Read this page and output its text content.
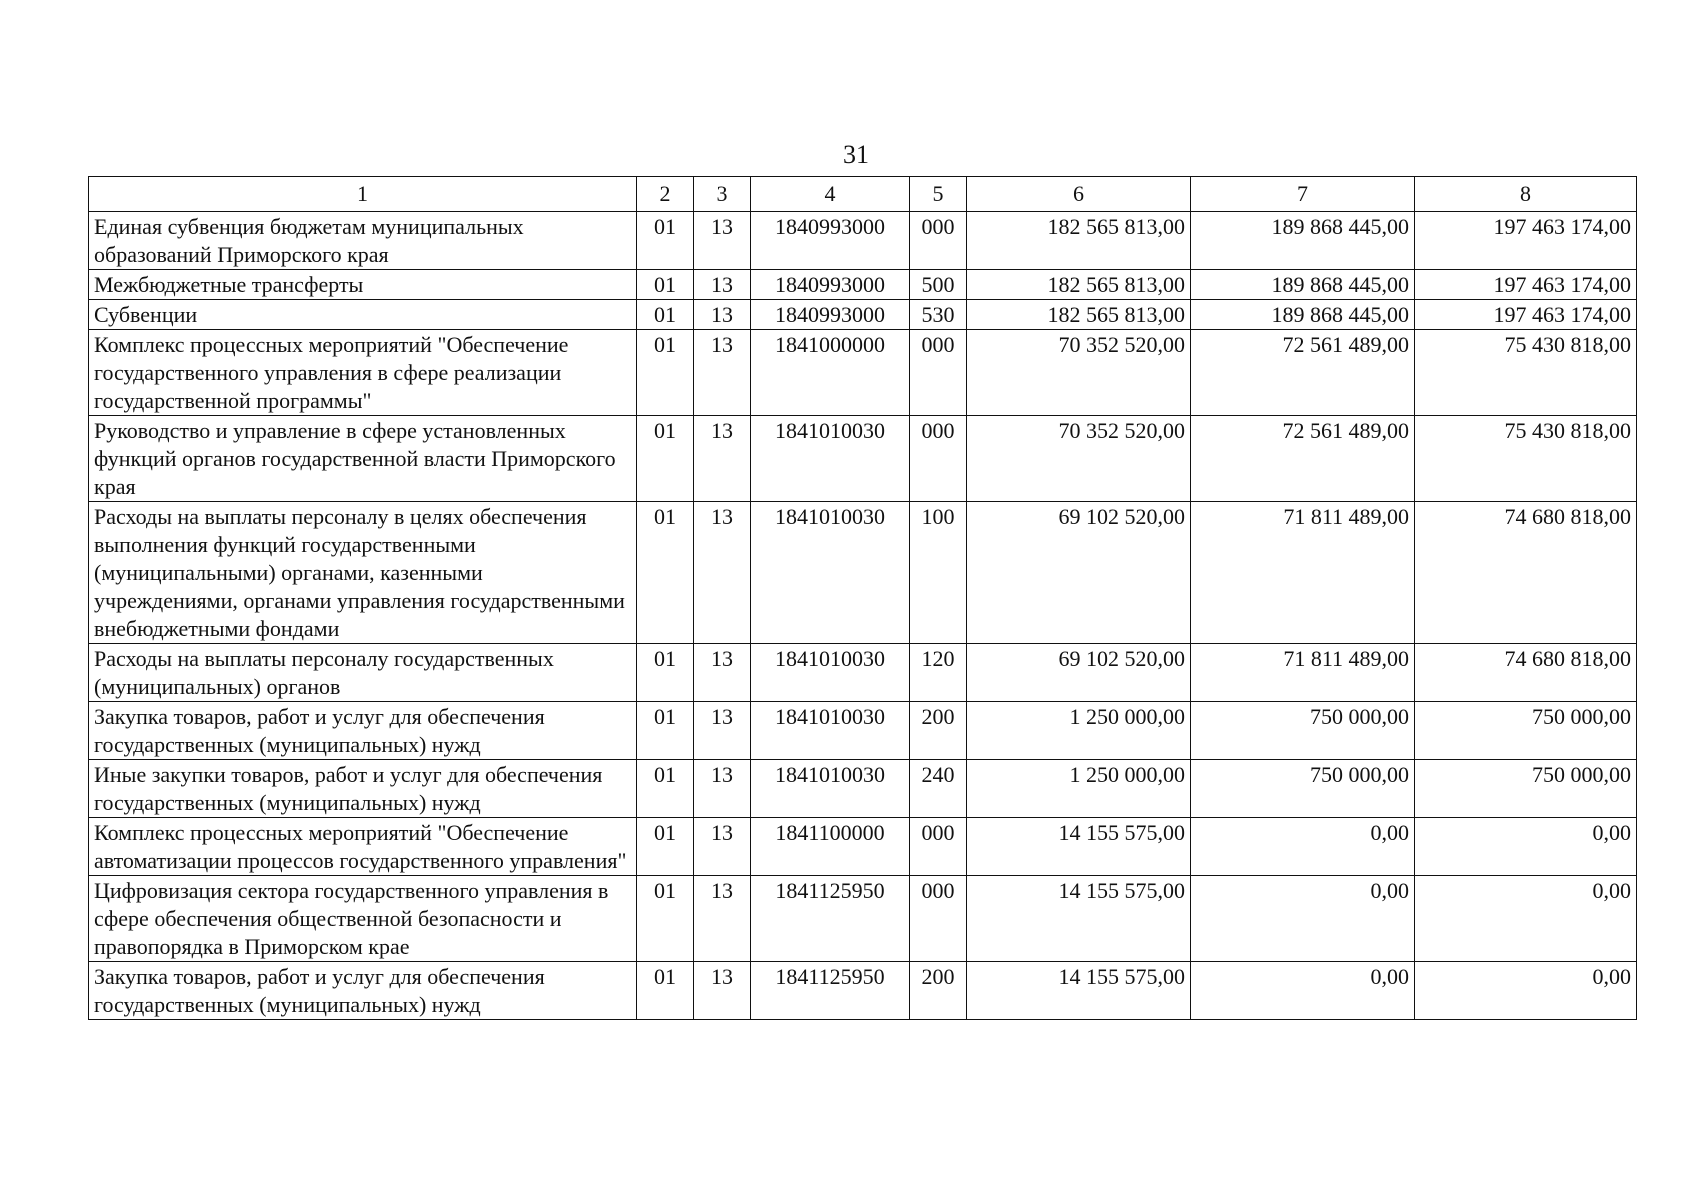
31
1	2	3	4	5	6	7	8
Единая субвенция бюджетам муниципальных образований Приморского края	01	13	1840993000	000	182 565 813,00	189 868 445,00	197 463 174,00
Межбюджетные трансферты	01	13	1840993000	500	182 565 813,00	189 868 445,00	197 463 174,00
Субвенции	01	13	1840993000	530	182 565 813,00	189 868 445,00	197 463 174,00
Комплекс процессных мероприятий "Обеспечение государственного управления в сфере реализации государственной программы"	01	13	1841000000	000	70 352 520,00	72 561 489,00	75 430 818,00
Руководство и управление в сфере установленных функций органов государственной власти Приморского края	01	13	1841010030	000	70 352 520,00	72 561 489,00	75 430 818,00
Расходы на выплаты персоналу в целях обеспечения выполнения функций государственными (муниципальными) органами, казенными учреждениями, органами управления государственными внебюджетными фондами	01	13	1841010030	100	69 102 520,00	71 811 489,00	74 680 818,00
Расходы на выплаты персоналу государственных (муниципальных) органов	01	13	1841010030	120	69 102 520,00	71 811 489,00	74 680 818,00
Закупка товаров, работ и услуг для обеспечения государственных (муниципальных) нужд	01	13	1841010030	200	1 250 000,00	750 000,00	750 000,00
Иные закупки товаров, работ и услуг для обеспечения государственных (муниципальных) нужд	01	13	1841010030	240	1 250 000,00	750 000,00	750 000,00
Комплекс процессных мероприятий "Обеспечение автоматизации процессов государственного управления"	01	13	1841100000	000	14 155 575,00	0,00	0,00
Цифровизация сектора государственного управления в сфере обеспечения общественной безопасности и правопорядка в Приморском крае	01	13	1841125950	000	14 155 575,00	0,00	0,00
Закупка товаров, работ и услуг для обеспечения государственных (муниципальных) нужд	01	13	1841125950	200	14 155 575,00	0,00	0,00
